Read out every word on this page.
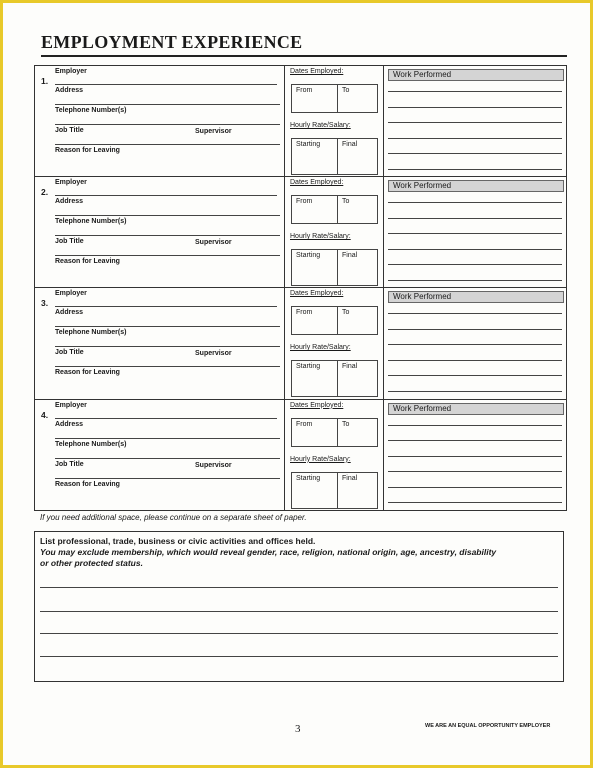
EMPLOYMENT EXPERIENCE
1.
Employer
Address
Telephone Number(s)
Job Title	Supervisor
Reason for Leaving
Dates Employed:
From	To
Hourly Rate/Salary:
Starting	Final
Work Performed
2.
Employer
Address
Telephone Number(s)
Job Title	Supervisor
Reason for Leaving
Dates Employed:
From	To
Hourly Rate/Salary:
Starting	Final
Work Performed
3.
Employer
Address
Telephone Number(s)
Job Title	Supervisor
Reason for Leaving
Dates Employed:
From	To
Hourly Rate/Salary:
Starting	Final
Work Performed
4.
Employer
Address
Telephone Number(s)
Job Title	Supervisor
Reason for Leaving
Dates Employed:
From	To
Hourly Rate/Salary:
Starting	Final
Work Performed
If you need additional space, please continue on a separate sheet of paper.
List professional, trade, business or civic activities and offices held.
You may exclude membership, which would reveal gender, race, religion, national origin, age, ancestry, disability
or other protected status.
3	WE ARE AN EQUAL OPPORTUNITY EMPLOYER
